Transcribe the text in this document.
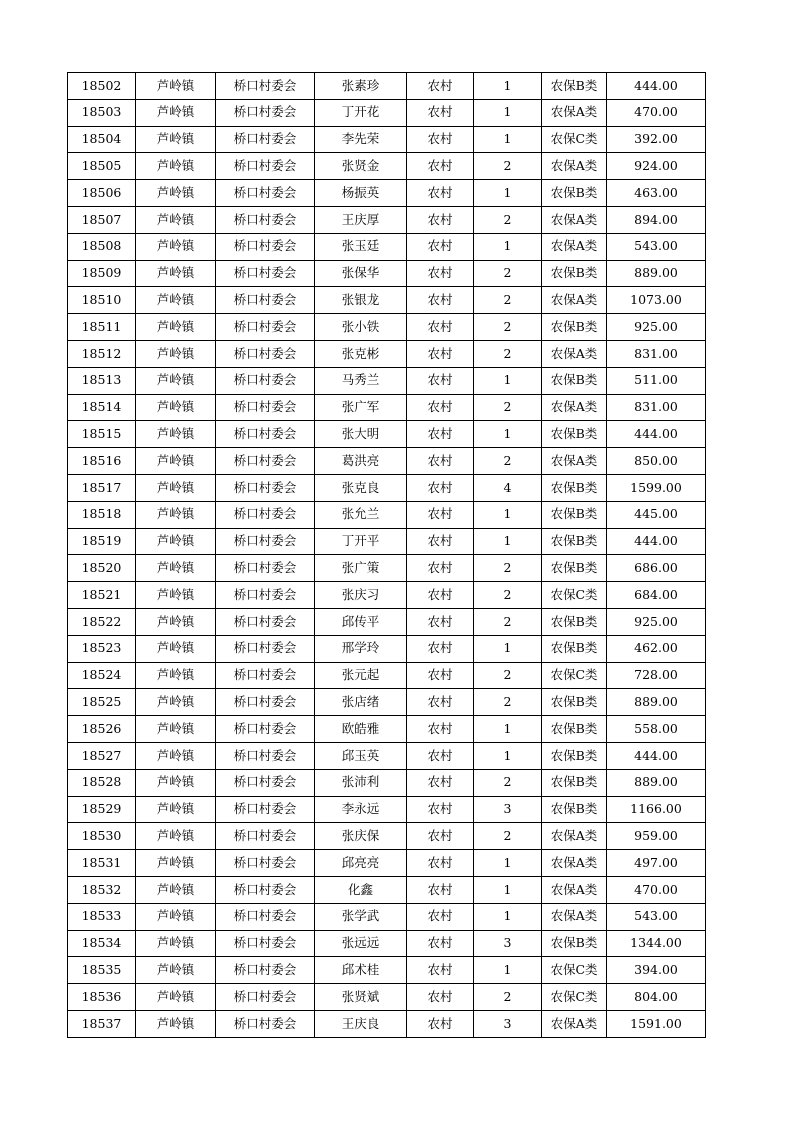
18502	芦岭镇	桥口村委会	张素珍	农村	1	农保B类	444.00
18503	芦岭镇	桥口村委会	丁开花	农村	1	农保A类	470.00
18504	芦岭镇	桥口村委会	李先荣	农村	1	农保C类	392.00
18505	芦岭镇	桥口村委会	张贤金	农村	2	农保A类	924.00
18506	芦岭镇	桥口村委会	杨振英	农村	1	农保B类	463.00
18507	芦岭镇	桥口村委会	王庆厚	农村	2	农保A类	894.00
18508	芦岭镇	桥口村委会	张玉廷	农村	1	农保A类	543.00
18509	芦岭镇	桥口村委会	张保华	农村	2	农保B类	889.00
18510	芦岭镇	桥口村委会	张银龙	农村	2	农保A类	1073.00
18511	芦岭镇	桥口村委会	张小铁	农村	2	农保B类	925.00
18512	芦岭镇	桥口村委会	张克彬	农村	2	农保A类	831.00
18513	芦岭镇	桥口村委会	马秀兰	农村	1	农保B类	511.00
18514	芦岭镇	桥口村委会	张广军	农村	2	农保A类	831.00
18515	芦岭镇	桥口村委会	张大明	农村	1	农保B类	444.00
18516	芦岭镇	桥口村委会	葛洪亮	农村	2	农保A类	850.00
18517	芦岭镇	桥口村委会	张克良	农村	4	农保B类	1599.00
18518	芦岭镇	桥口村委会	张允兰	农村	1	农保B类	445.00
18519	芦岭镇	桥口村委会	丁开平	农村	1	农保B类	444.00
18520	芦岭镇	桥口村委会	张广策	农村	2	农保B类	686.00
18521	芦岭镇	桥口村委会	张庆习	农村	2	农保C类	684.00
18522	芦岭镇	桥口村委会	邱传平	农村	2	农保B类	925.00
18523	芦岭镇	桥口村委会	邢学玲	农村	1	农保B类	462.00
18524	芦岭镇	桥口村委会	张元起	农村	2	农保C类	728.00
18525	芦岭镇	桥口村委会	张店绪	农村	2	农保B类	889.00
18526	芦岭镇	桥口村委会	欧皓雅	农村	1	农保B类	558.00
18527	芦岭镇	桥口村委会	邱玉英	农村	1	农保B类	444.00
18528	芦岭镇	桥口村委会	张沛利	农村	2	农保B类	889.00
18529	芦岭镇	桥口村委会	李永远	农村	3	农保B类	1166.00
18530	芦岭镇	桥口村委会	张庆保	农村	2	农保A类	959.00
18531	芦岭镇	桥口村委会	邱亮亮	农村	1	农保A类	497.00
18532	芦岭镇	桥口村委会	化鑫	农村	1	农保A类	470.00
18533	芦岭镇	桥口村委会	张学武	农村	1	农保A类	543.00
18534	芦岭镇	桥口村委会	张远远	农村	3	农保B类	1344.00
18535	芦岭镇	桥口村委会	邱术桂	农村	1	农保C类	394.00
18536	芦岭镇	桥口村委会	张贤斌	农村	2	农保C类	804.00
18537	芦岭镇	桥口村委会	王庆良	农村	3	农保A类	1591.00
